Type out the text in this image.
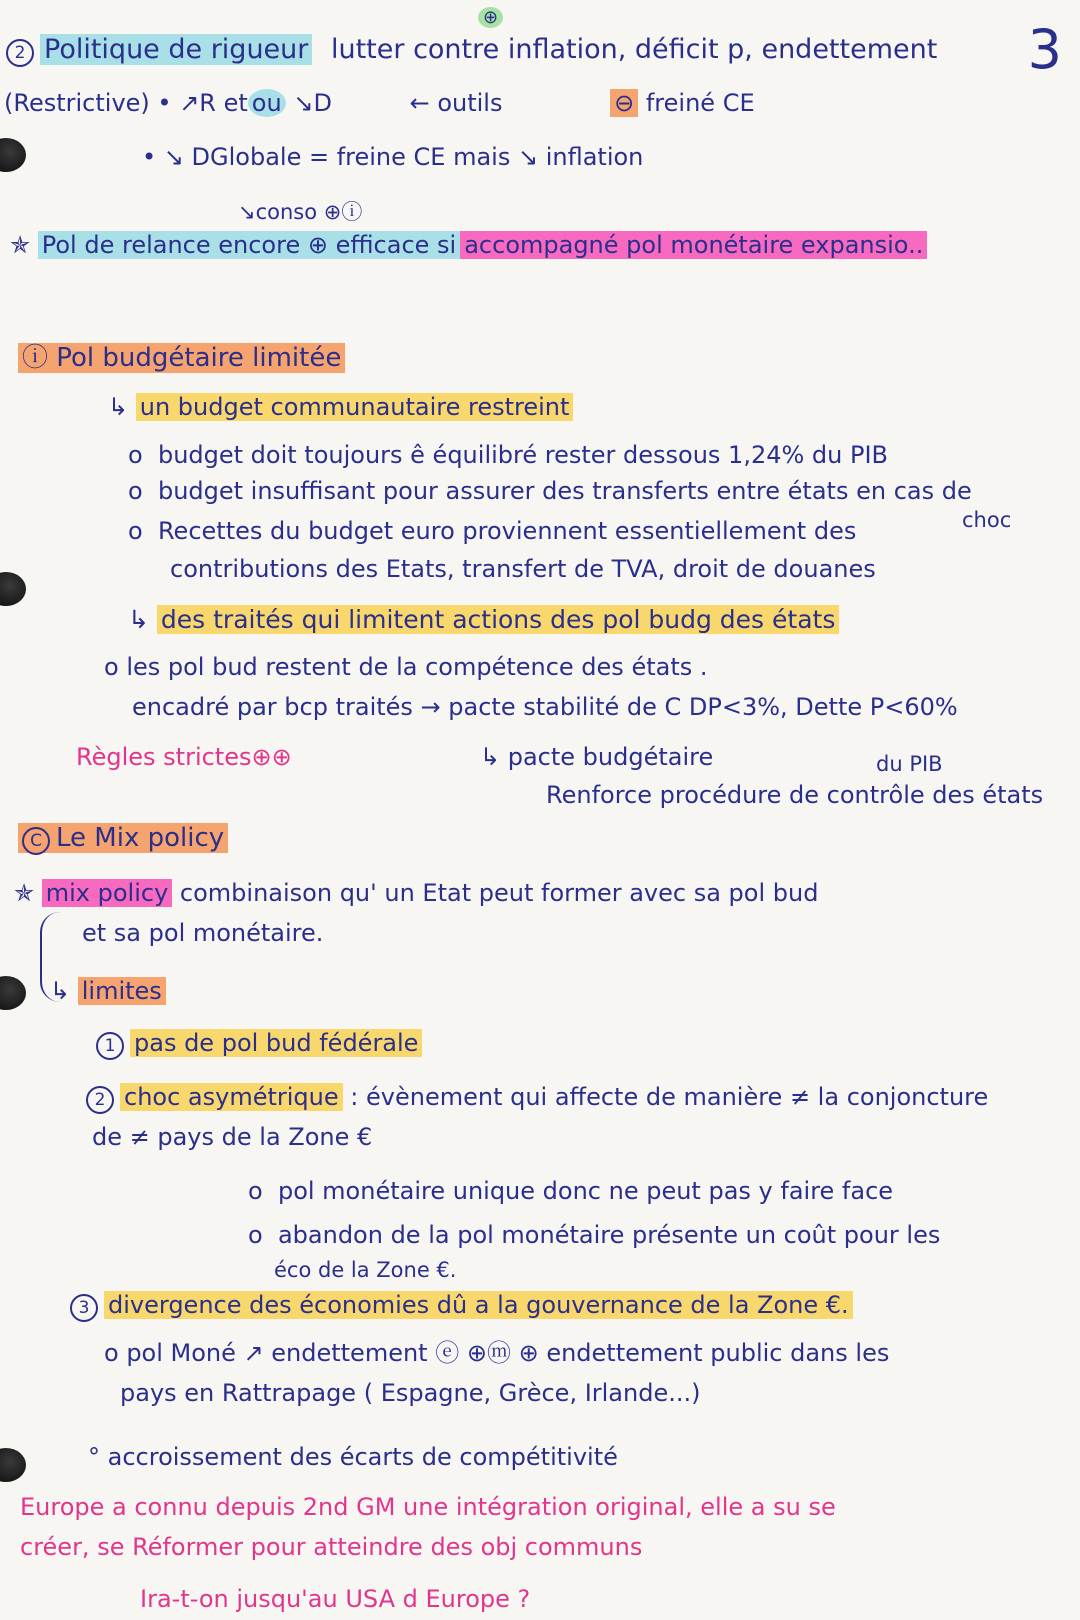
3
⊕
2 Politique de rigueur lutter contre inflation, déficit p, endettement
(Restrictive) • ↗R et ou ↘D	← outils	⊖ freiné CE
• ↘ DGlobale = freine CE mais ↘ inflation
↘conso ⊕ⓘ
✯ Pol de relance encore ⊕ efficace si accompagné pol monétaire expansio..
ⓘ Pol budgétaire limitée
↳ un budget communautaire restreint
o  budget doit toujours ê équilibré rester dessous 1,24% du PIB
o  budget insuffisant pour assurer des transferts entre états en cas de
choc
o  Recettes du budget euro proviennent essentiellement des
contributions des Etats, transfert de TVA, droit de douanes
↳ des traités qui limitent actions des pol budg des états
o les pol bud restent de la compétence des états .
encadré par bcp traités → pacte stabilité de C DP<3%, Dette P<60%
Règles strictes⊕⊕	↳ pacte budgétaire	du PIB
Renforce procédure de contrôle des états
C Le Mix policy
✯ mix policy combinaison qu' un Etat peut former avec sa pol bud
et sa pol monétaire.
↳ limites
1 pas de pol bud fédérale
2 choc asymétrique : évènement qui affecte de manière ≠ la conjoncture
de ≠ pays de la Zone €
o  pol monétaire unique donc ne peut pas y faire face
o  abandon de la pol monétaire présente un coût pour les
éco de la Zone €.
3 divergence des économies dû a la gouvernance de la Zone €.
o pol Moné ↗ endettement ⓔ ⊕ⓜ ⊕ endettement public dans les
pays en Rattrapage ( Espagne, Grèce, Irlande...)
° accroissement des écarts de compétitivité
Europe a connu depuis 2nd GM une intégration original, elle a su se
créer, se Réformer pour atteindre des obj communs
Ira-t-on jusqu'au USA d Europe ?
